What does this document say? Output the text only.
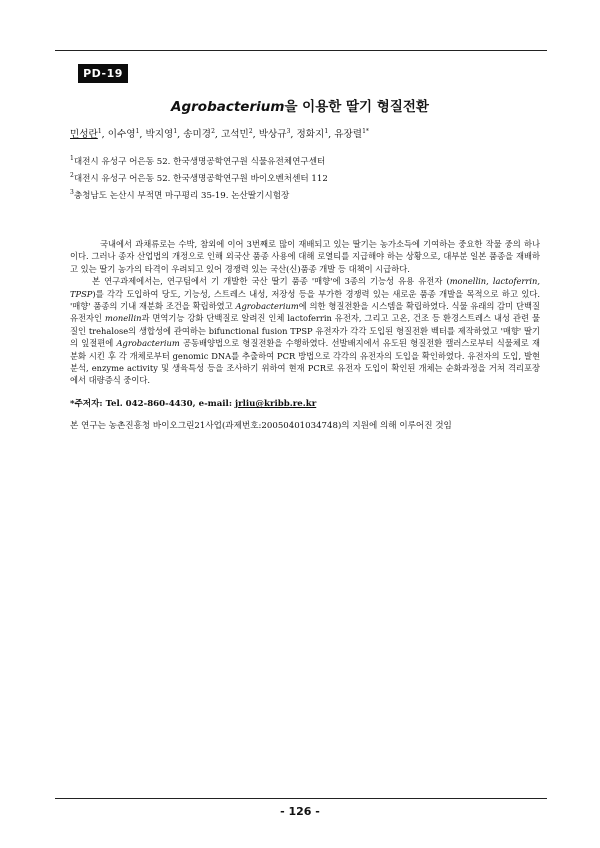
PD-19
Agrobacterium을 이용한 딸기 형질전환
민성란$^1$, 이수영$^1$, 박지영$^1$, 송미경$^2$, 고석민$^2$, 박상규$^3$, 정화지$^1$, 유장렬$^{1*}$
$^1$대전시 유성구 어은동 52. 한국생명공학연구원 식물유전체연구센터
$^2$대전시 유성구 어은동 52. 한국생명공학연구원 바이오벤처센터 112
$^3$충청남도 논산시 부적면 마구평리 35-19. 논산딸기시험장

국내에서 과채류로는 수박, 참외에 이어 3번째로 많이 재배되고 있는 딸기는 농가소득에 기여하는 중요한 작물 중의 하나이다. 그러나 종자 산업법의 개정으로 인해 외국산 품종 사용에 대해 로열티를 지급해야 하는 상황으로, 대부분 일본 품종을 재배하고 있는 딸기 농가의 타격이 우려되고 있어 경쟁력 있는 국산(신)품종 개발 등 대책이 시급하다.

본 연구과제에서는, 연구팀에서 기 개발한 국산 딸기 품종 '매향'에 3종의 기능성 유용 유전자 (monellin, lactoferrin, TPSP)를 각각 도입하여 당도, 기능성, 스트레스 내성, 저장성 등을 부가한 경쟁력 있는 새로운 품종 개발을 목적으로 하고 있다. '매향' 품종의 기내 재분화 조건을 확립하였고 Agrobacterium에 의한 형질전환을 시스템을 확립하였다. 식물 유래의 감미 단백질 유전자인 monellin과 면역기능 강화 단백질로 알려진 인체 lactoferrin 유전자, 그리고 고온, 건조 등 환경스트레스 내성 관련 물질인 trehalose의 생합성에 관여하는 bifunctional fusion TPSP 유전자가 각각 도입된 형질전환 벡터를 제작하였고 '매향' 딸기의 잎절편에 Agrobacterium 공동배양법으로 형질전환을 수행하였다. 선발배지에서 유도된 형질전환 캘러스로부터 식물체로 재분화 시킨 후 각 개체로부터 genomic DNA를 추출하여 PCR 방법으로 각각의 유전자의 도입을 확인하였다. 유전자의 도입, 발현분석, enzyme activity 및 생육특성 등을 조사하기 위하여 현재 PCR로 유전자 도입이 확인된 개체는 순화과정을 거쳐 격리포장에서 대량증식 중이다.

*주저자: Tel. 042-860-4430, e-mail: jrliu@kribb.re.kr
본 연구는 농촌진흥청 바이오그린21사업(과제번호:20050401034748)의 지원에 의해 이루어진 것임
- 126 -
